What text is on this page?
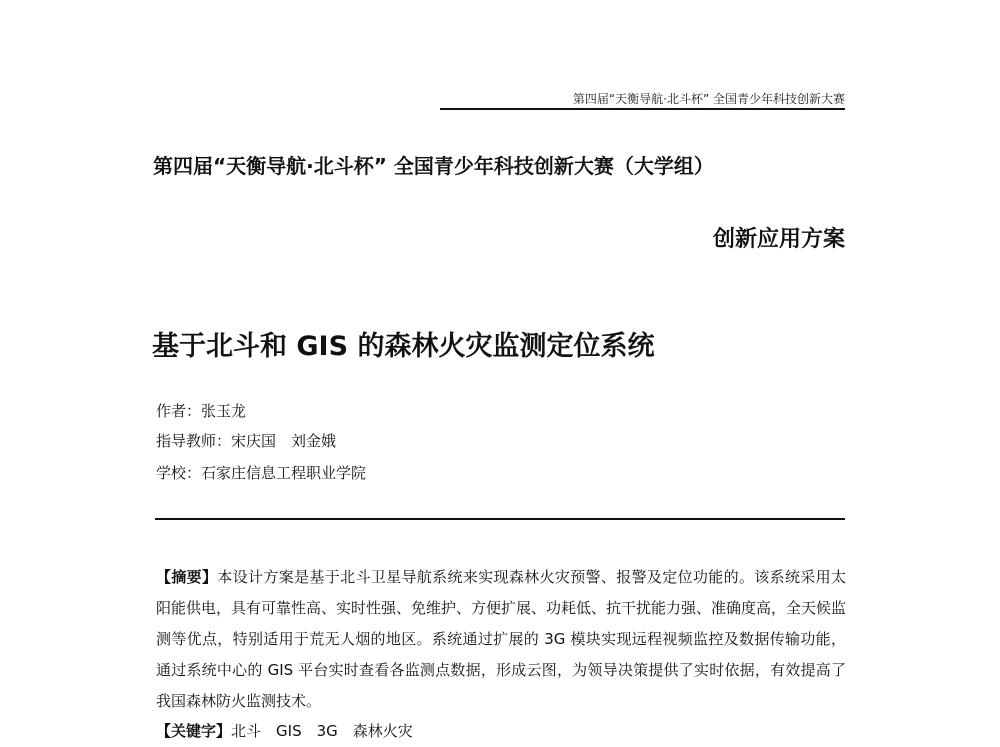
第四届“天衡导航·北斗杯” 全国青少年科技创新大赛
第四届“天衡导航·北斗杯” 全国青少年科技创新大赛（大学组）
创新应用方案
基于北斗和 GIS 的森林火灾监测定位系统
作者：张玉龙
指导教师：宋庆国　刘金娥
学校：石家庄信息工程职业学院
【摘要】本设计方案是基于北斗卫星导航系统来实现森林火灾预警、报警及定位功能的。该系统采用太阳能供电，具有可靠性高、实时性强、免维护、方便扩展、功耗低、抗干扰能力强、准确度高，全天候监测等优点，特别适用于荒无人烟的地区。系统通过扩展的 3G 模块实现远程视频监控及数据传输功能，通过系统中心的 GIS 平台实时查看各监测点数据，形成云图，为领导决策提供了实时依据，有效提高了我国森林防火监测技术。
【关键字】北斗　GIS　3G　森林火灾
